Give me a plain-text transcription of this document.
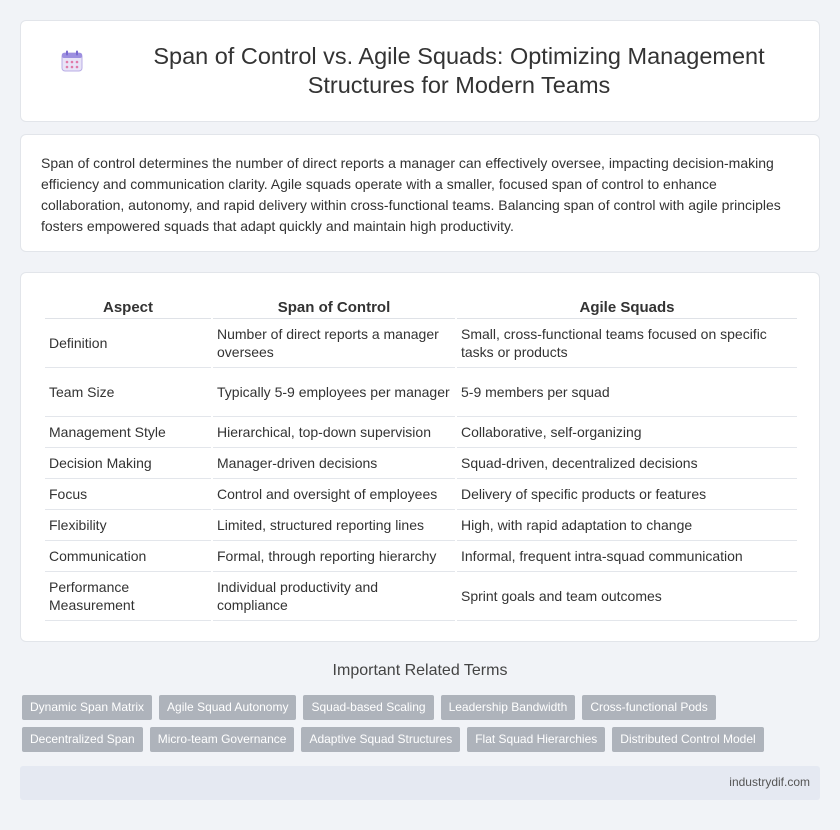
Span of Control vs. Agile Squads: Optimizing Management Structures for Modern Teams

Span of control determines the number of direct reports a manager can effectively oversee, impacting decision-making efficiency and communication clarity. Agile squads operate with a smaller, focused span of control to enhance collaboration, autonomy, and rapid delivery within cross-functional teams. Balancing span of control with agile principles fosters empowered squads that adapt quickly and maintain high productivity.

Aspect	Span of Control	Agile Squads
Definition	Number of direct reports a manager oversees	Small, cross-functional teams focused on specific tasks or products
Team Size	Typically 5-9 employees per manager	5-9 members per squad
Management Style	Hierarchical, top-down supervision	Collaborative, self-organizing
Decision Making	Manager-driven decisions	Squad-driven, decentralized decisions
Focus	Control and oversight of employees	Delivery of specific products or features
Flexibility	Limited, structured reporting lines	High, with rapid adaptation to change
Communication	Formal, through reporting hierarchy	Informal, frequent intra-squad communication
Performance Measurement	Individual productivity and compliance	Sprint goals and team outcomes
Important Related Terms
Dynamic Span Matrix	Agile Squad Autonomy	Squad-based Scaling	Leadership Bandwidth	Cross-functional Pods
Decentralized Span	Micro-team Governance	Adaptive Squad Structures	Flat Squad Hierarchies	Distributed Control Model
industrydif.com
